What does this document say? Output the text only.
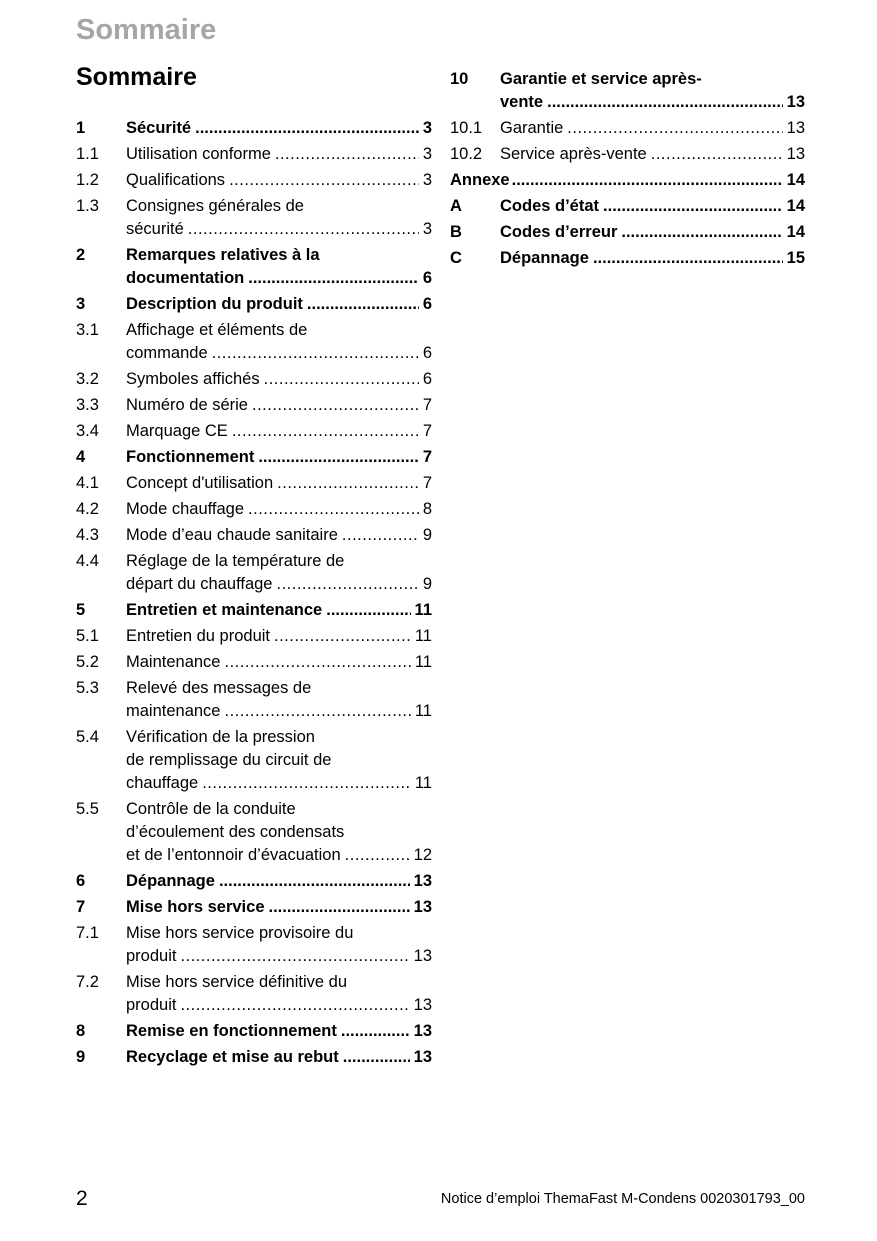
Sommaire
Sommaire
1	Sécurité .....	3
1.1	Utilisation conforme .....	3
1.2	Qualifications .....	3
1.3	Consignes générales de
sécurité .....	3
2	Remarques relatives à la
documentation .....	6
3	Description du produit .....	6
3.1	Affichage et éléments de
commande .....	6
3.2	Symboles affichés .....	6
3.3	Numéro de série .....	7
3.4	Marquage CE .....	7
4	Fonctionnement .....	7
4.1	Concept d'utilisation .....	7
4.2	Mode chauffage .....	8
4.3	Mode d’eau chaude sanitaire .....	9
4.4	Réglage de la température de
départ du chauffage .....	9
5	Entretien et maintenance .....	11
5.1	Entretien du produit .....	11
5.2	Maintenance .....	11
5.3	Relevé des messages de
maintenance .....	11
5.4	Vérification de la pression
de remplissage du circuit de
chauffage .....	11
5.5	Contrôle de la conduite
d’écoulement des condensats
et de l’entonnoir d’évacuation .....	12
6	Dépannage .....	13
7	Mise hors service .....	13
7.1	Mise hors service provisoire du
produit .....	13
7.2	Mise hors service définitive du
produit .....	13
8	Remise en fonctionnement .....	13
9	Recyclage et mise au rebut .....	13
10	Garantie et service après-
vente .....	13
10.1	Garantie .....	13
10.2	Service après-vente .....	13
Annexe .....	14
A	Codes d’état .....	14
B	Codes d’erreur .....	14
C	Dépannage .....	15
2	Notice d’emploi ThemaFast M-Condens 0020301793_00
